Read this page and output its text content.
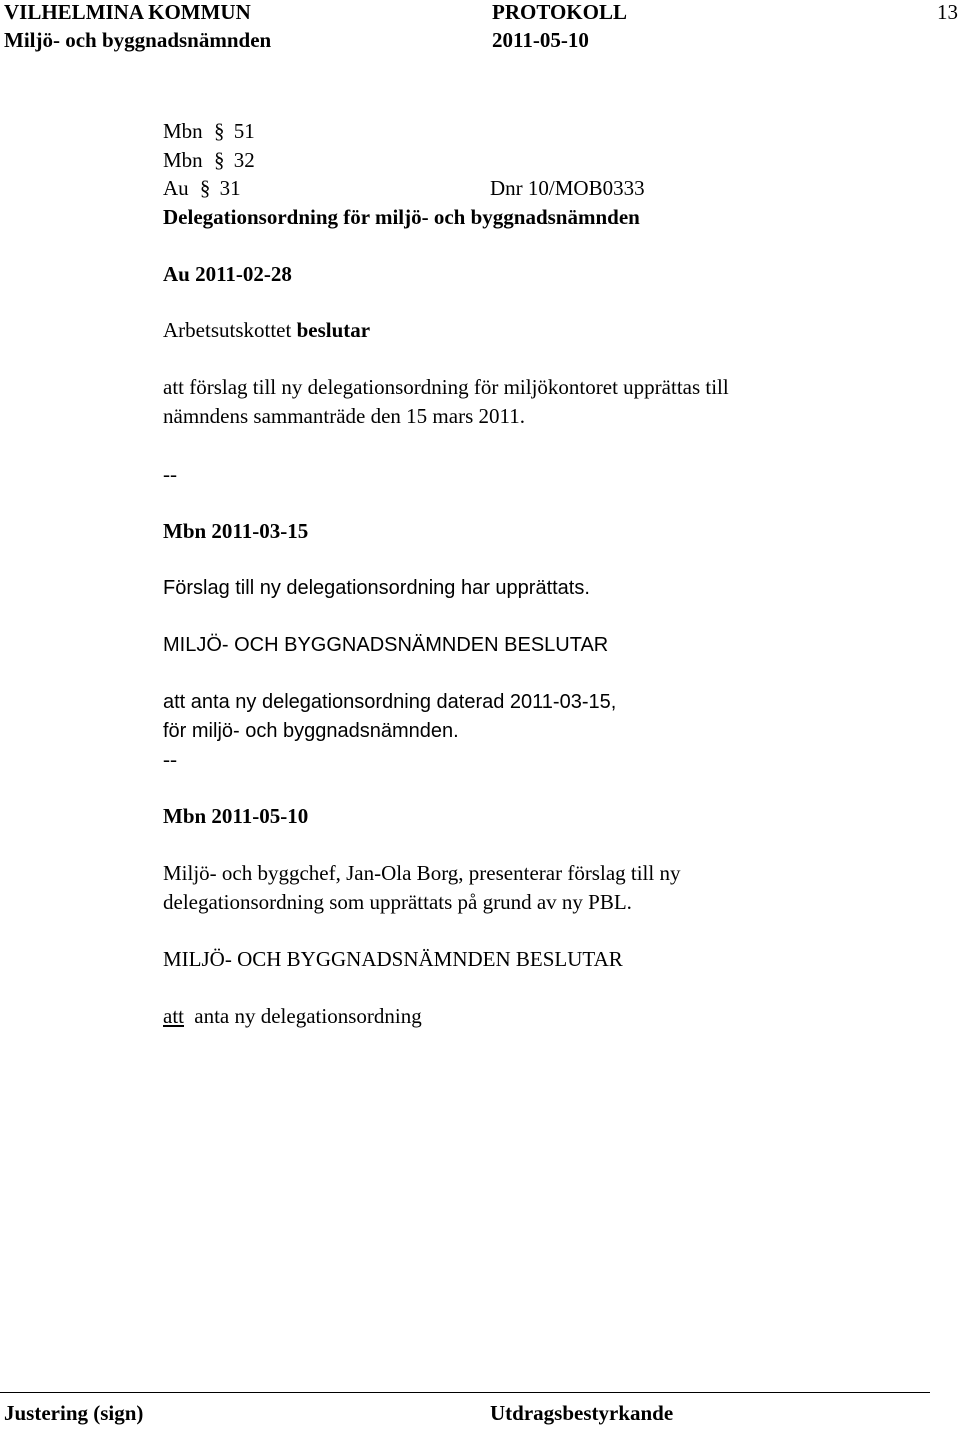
VILHELMINA KOMMUN	PROTOKOLL	13
Miljö- och byggnadsnämnden	2011-05-10
Mbn § 51
Mbn § 32
Au § 31	Dnr 10/MOB0333
Delegationsordning för miljö- och byggnadsnämnden
Au 2011-02-28
Arbetsutskottet beslutar
att förslag till ny delegationsordning för miljökontoret upprättas till
nämndens sammanträde den 15 mars 2011.
--
Mbn 2011-03-15
Förslag till ny delegationsordning har upprättats.
MILJÖ- OCH BYGGNADSNÄMNDEN BESLUTAR
att anta ny delegationsordning daterad 2011-03-15,
för miljö- och byggnadsnämnden.
--
Mbn 2011-05-10
Miljö- och byggchef, Jan-Ola Borg, presenterar förslag till ny
delegationsordning som upprättats på grund av ny PBL.
MILJÖ- OCH BYGGNADSNÄMNDEN BESLUTAR
att anta ny delegationsordning
Justering (sign)	Utdragsbestyrkande
